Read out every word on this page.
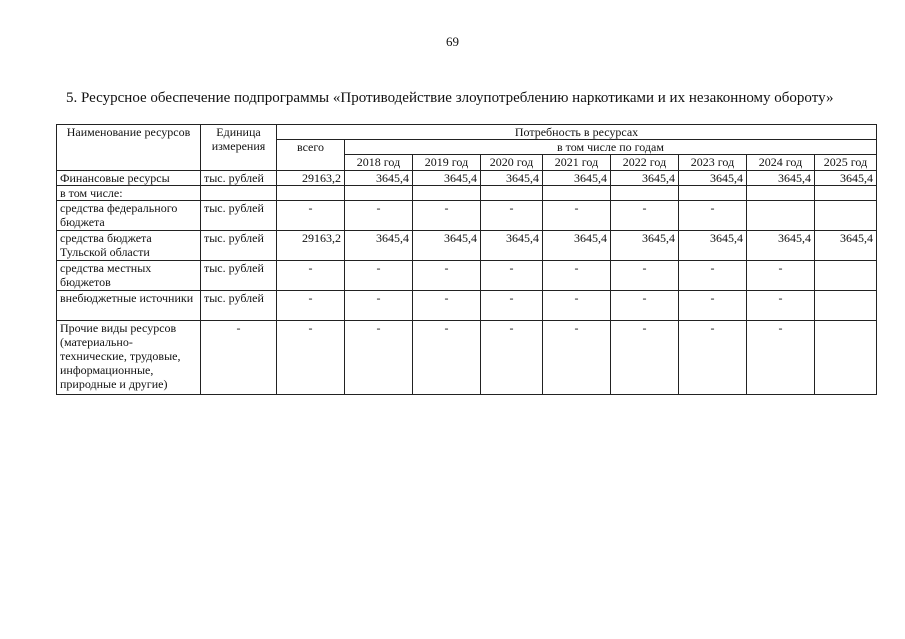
69
5. Ресурсное обеспечение подпрограммы «Противодействие злоупотреблению наркотиками и их незаконному обороту»
Наименование ресурсов	Единица измерения	Потребность в ресурсах								
		всего	в том числе по годам							
			2018 год	2019 год	2020 год	2021 год	2022 год	2023 год	2024 год	2025 год
Финансовые ресурсы	тыс. рублей	29163,2	3645,4	3645,4	3645,4	3645,4	3645,4	3645,4	3645,4	3645,4
в том числе:										
средства федерального бюджета	тыс. рублей	-	-	-	-	-	-	-		
средства бюджета Тульской области	тыс. рублей	29163,2	3645,4	3645,4	3645,4	3645,4	3645,4	3645,4	3645,4	3645,4
средства местных бюджетов	тыс. рублей	-	-	-	-	-	-	-	-	
внебюджетные источники	тыс. рублей	-	-	-	-	-	-	-	-	
Прочие виды ресурсов (материально-технические, трудовые, информационные, природные и другие)	-	-	-	-	-	-	-	-	-	
